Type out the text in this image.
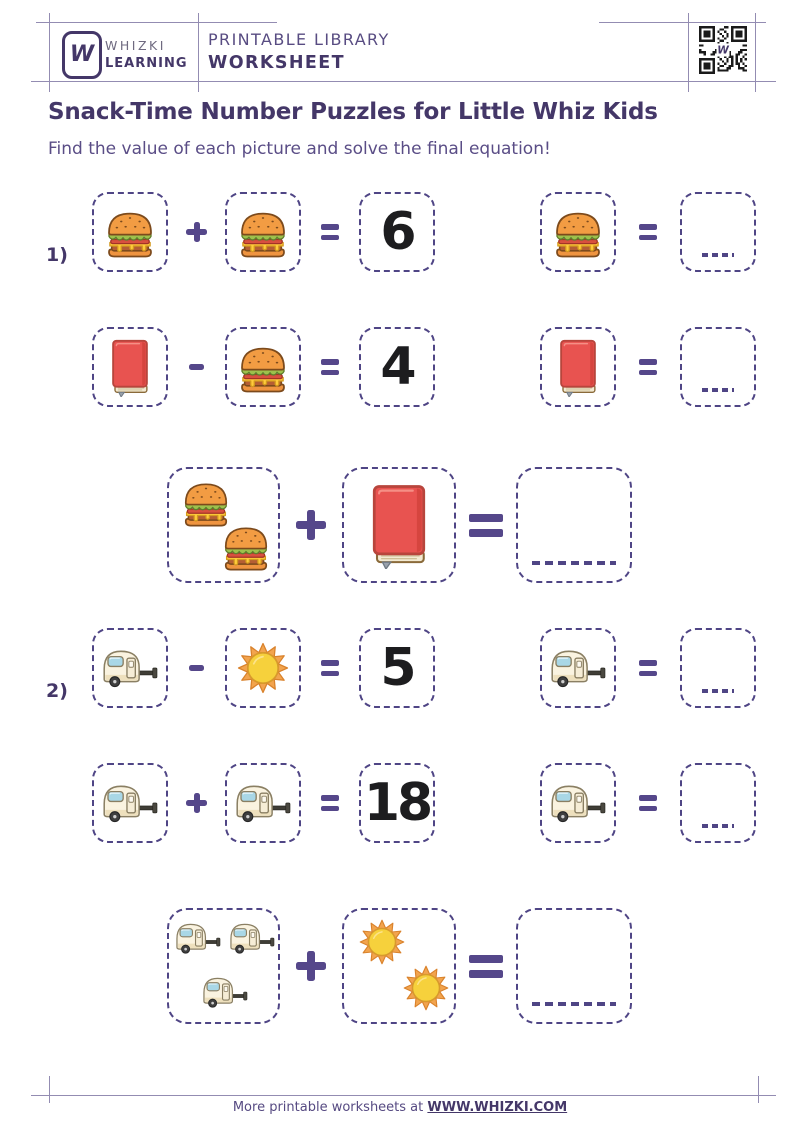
W WHIZKI
LEARNING
PRINTABLE LIBRARY
WORKSHEET
W
Snack-Time Number Puzzles for Little Whiz Kids
Find the value of each picture and solve the final equation!
1)	6
4
2)	5
18
More printable worksheets at WWW.WHIZKI.COM
